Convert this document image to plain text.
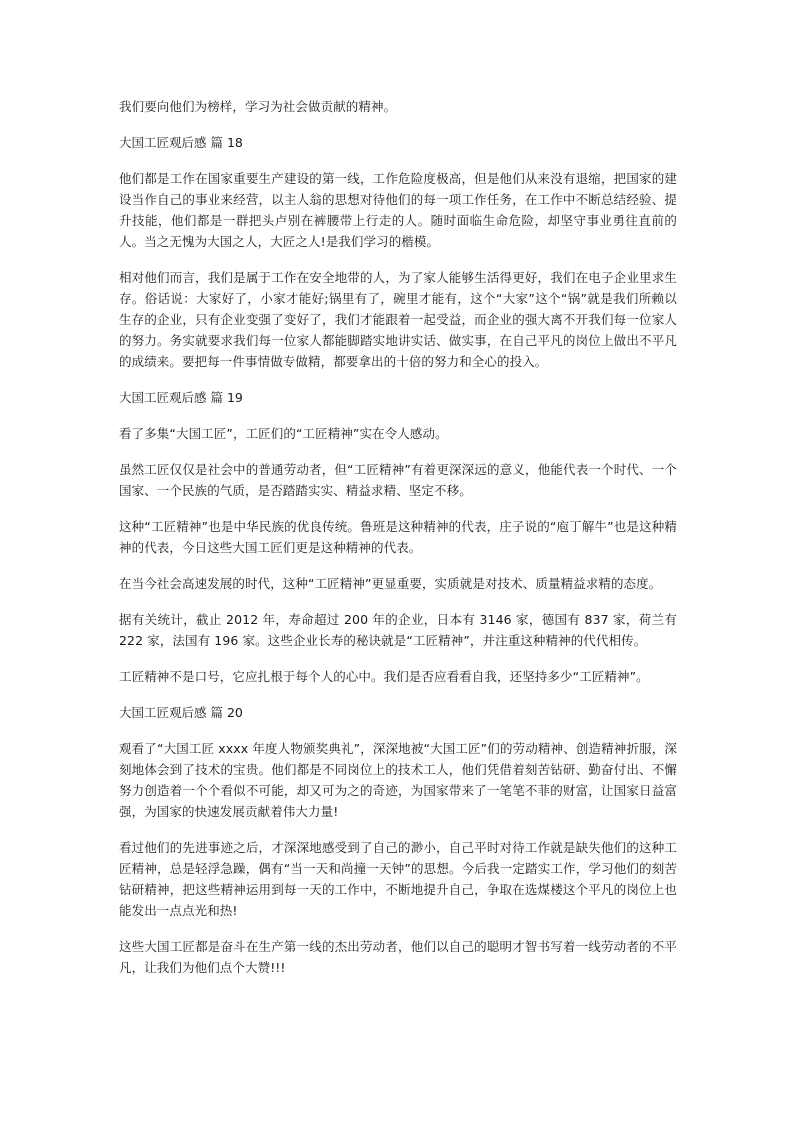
我们要向他们为榜样，学习为社会做贡献的精神。

大国工匠观后感 篇 18

他们都是工作在国家重要生产建设的第一线，工作危险度极高，但是他们从来没有退缩，把国家的建设当作自己的事业来经营，以主人翁的思想对待他们的每一项工作任务，在工作中不断总结经验、提升技能，他们都是一群把头卢别在裤腰带上行走的人。随时面临生命危险，却坚守事业勇往直前的人。当之无愧为大国之人，大匠之人!是我们学习的楷模。

相对他们而言，我们是属于工作在安全地带的人，为了家人能够生活得更好，我们在电子企业里求生存。俗话说：大家好了，小家才能好;锅里有了，碗里才能有，这个“大家”这个“锅”就是我们所赖以生存的企业，只有企业变强了变好了，我们才能跟着一起受益，而企业的强大离不开我们每一位家人的努力。务实就要求我们每一位家人都能脚踏实地讲实话、做实事，在自己平凡的岗位上做出不平凡的成绩来。要把每一件事情做专做精，都要拿出的十倍的努力和全心的投入。

大国工匠观后感 篇 19

看了多集“大国工匠”，工匠们的“工匠精神”实在令人感动。

虽然工匠仅仅是社会中的普通劳动者，但“工匠精神”有着更深深远的意义，他能代表一个时代、一个国家、一个民族的气质，是否踏踏实实、精益求精、坚定不移。

这种“工匠精神”也是中华民族的优良传统。鲁班是这种精神的代表，庄子说的“庖丁解牛”也是这种精神的代表，今日这些大国工匠们更是这种精神的代表。

在当今社会高速发展的时代，这种“工匠精神”更显重要，实质就是对技术、质量精益求精的态度。

据有关统计，截止 2012 年，寿命超过 200 年的企业，日本有 3146 家，德国有 837 家，荷兰有 222 家，法国有 196 家。这些企业长寿的秘诀就是“工匠精神”，并注重这种精神的代代相传。

工匠精神不是口号，它应扎根于每个人的心中。我们是否应看看自我，还坚持多少“工匠精神”。

大国工匠观后感 篇 20

观看了“大国工匠 xxxx 年度人物颁奖典礼”，深深地被“大国工匠”们的劳动精神、创造精神折服，深刻地体会到了技术的宝贵。他们都是不同岗位上的技术工人，他们凭借着刻苦钻研、勤奋付出、不懈努力创造着一个个看似不可能，却又可为之的奇迹，为国家带来了一笔笔不菲的财富，让国家日益富强，为国家的快速发展贡献着伟大力量!

看过他们的先进事迹之后，才深深地感受到了自己的渺小，自己平时对待工作就是缺失他们的这种工匠精神，总是轻浮急躁，偶有“当一天和尚撞一天钟”的思想。今后我一定踏实工作，学习他们的刻苦钻研精神，把这些精神运用到每一天的工作中，不断地提升自己，争取在选煤楼这个平凡的岗位上也能发出一点点光和热!

这些大国工匠都是奋斗在生产第一线的杰出劳动者，他们以自己的聪明才智书写着一线劳动者的不平凡，让我们为他们点个大赞!!!
